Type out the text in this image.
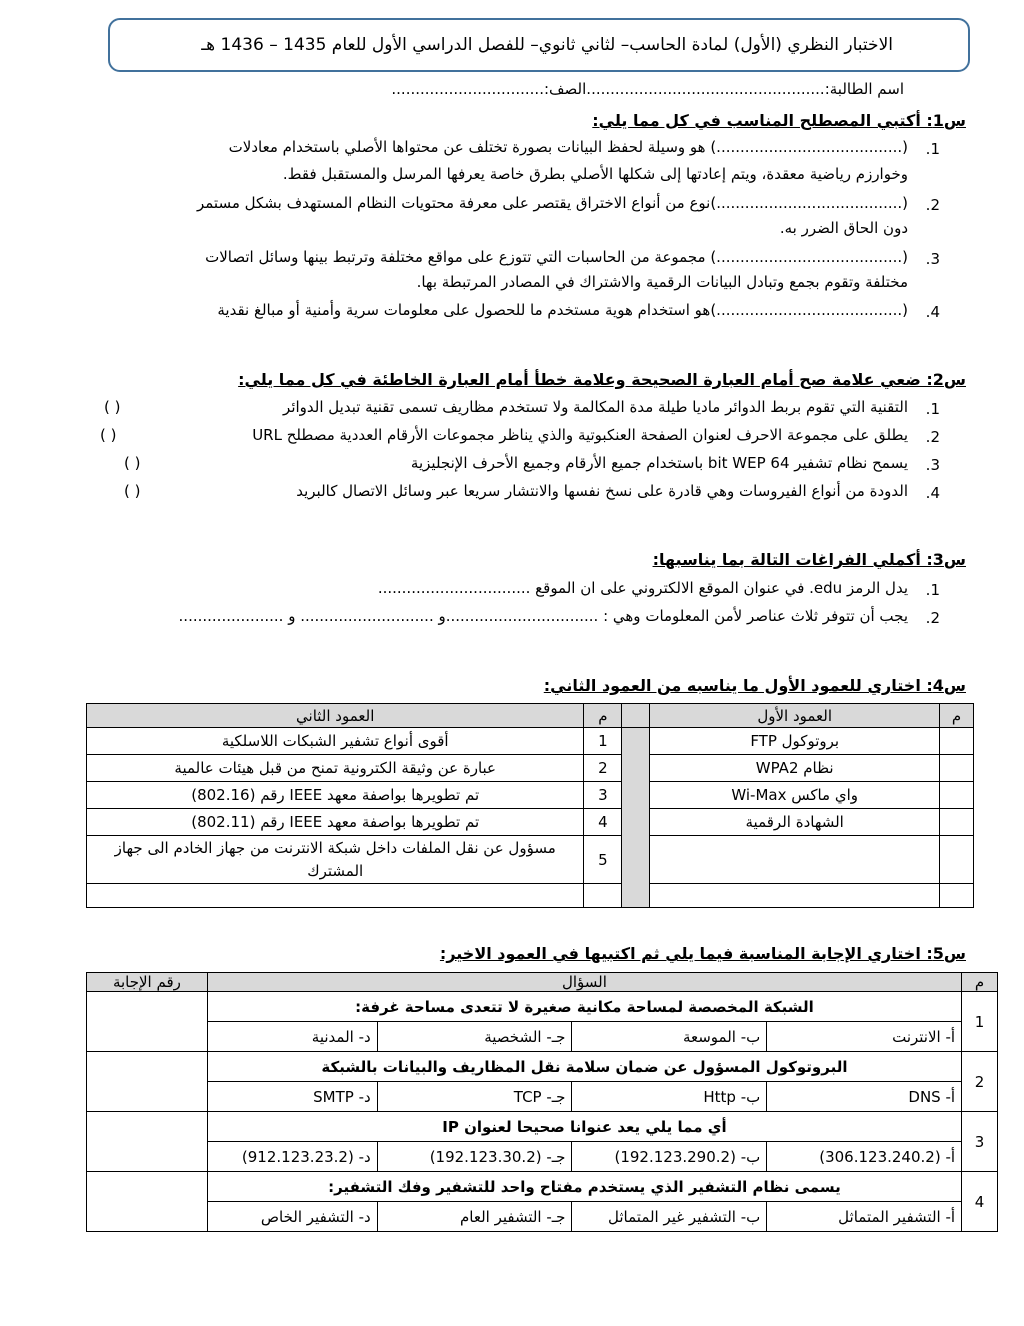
الاختبار النظري (الأول) لمادة الحاسب– لثاني ثانوي– للفصل الدراسي الأول للعام 1435 – 1436 هـ
اسم الطالبة:..................................................الصف:................................
س1: أكتبي المصطلح المناسب في كل مما يلي:
1.
(.......................................) هو وسيلة لحفظ البيانات بصورة تختلف عن محتواها الأصلي باستخدام معادلات
وخوارزم رياضية معقدة، ويتم إعادتها إلى شكلها الأصلي بطرق خاصة يعرفها المرسل والمستقبل فقط.
2.
(.......................................)نوع من أنواع الاختراق يقتصر على معرفة محتويات النظام المستهدف بشكل مستمر
دون الحاق الضرر به.
3.
(.......................................) مجموعة من الحاسبات التي تتوزع على مواقع مختلفة وترتبط بينها وسائل اتصالات
مختلفة وتقوم بجمع وتبادل البيانات الرقمية والاشتراك في المصادر المرتبطة بها.
4.
(.......................................)هو استخدام هوية مستخدم ما للحصول على معلومات سرية وأمنية أو مبالغ نقدية
س2: ضعي علامة صح أمام العبارة الصحيحة وعلامة خطأ أمام العبارة الخاطئة في كل مما يلي:
1.
التقنية التي تقوم بربط الدوائر ماديا طيلة مدة المكالمة ولا تستخدم مظاريف تسمى تقنية تبديل الدوائر
( )
2.
يطلق على مجموعة الاحرف لعنوان الصفحة العنكبوتية والذي يناظر مجموعات الأرقام العددية مصطلح URL
( )
3.
يسمح نظام تشفير 64 bit WEP باستخدام جميع الأرقام وجميع الأحرف الإنجليزية
( )
4.
الدودة من أنواع الفيروسات وهي قادرة على نسخ نفسها والانتشار سريعا عبر وسائل الاتصال كالبريد
( )
س3: أكملي الفراغات التالة بما يناسبها:
1.
يدل الرمز edu. في عنوان الموقع الالكتروني على ان الموقع ................................
2.
يجب أن تتوفر ثلاث عناصر لأمن المعلومات وهي : ................................و ............................ و ......................
س4: اختاري للعمود الأول ما يناسبه من العمود الثاني:
م	العمود الأول		م	العمود الثاني
	بروتوكول FTP		1	أقوى أنواع تشفير الشبكات اللاسلكية
	نظام WPA2		2	عبارة عن وثيقة الكترونية تمنح من قبل هيئات عالمية
	واي ماكس Wi-Max		3	تم تطويرها بواصفة معهد IEEE رقم (802.16)
	الشهادة الرقمية		4	تم تطويرها بواصفة معهد IEEE رقم (802.11)
			5	مسؤول عن نقل الملفات داخل شبكة الانترنت من جهاز الخادم الى جهاز المشترك

س5: اختاري الإجابة المناسبة فيما يلي ثم اكتبيها في العمود الاخير:
م	السؤال				رقم الإجابة
1	الشبكة المخصصة لمساحة مكانية صغيرة لا تتعدى مساحة غرفة:				
	أ- الانترنت	ب- الموسعة	جـ- الشخصية	د- المدنية	
2	البروتوكول المسؤول عن ضمان سلامة نقل المظاريف والبيانات بالشبكة				
	أ- DNS	ب- Http	جـ- TCP	د- SMTP	
3	أي مما يلي يعد عنوانا صحيحا لعنوان IP				
	أ- (306.123.240.2)	ب- (192.123.290.2)	جـ- (192.123.30.2)	د- (912.123.23.2)	
4	يسمى نظام التشفير الذي يستخدم مفتاح واحد للتشفير وفك التشفير:				
	أ- التشفير المتماثل	ب- التشفير غير المتماثل	جـ- التشفير العام	د- التشفير الخاص	
